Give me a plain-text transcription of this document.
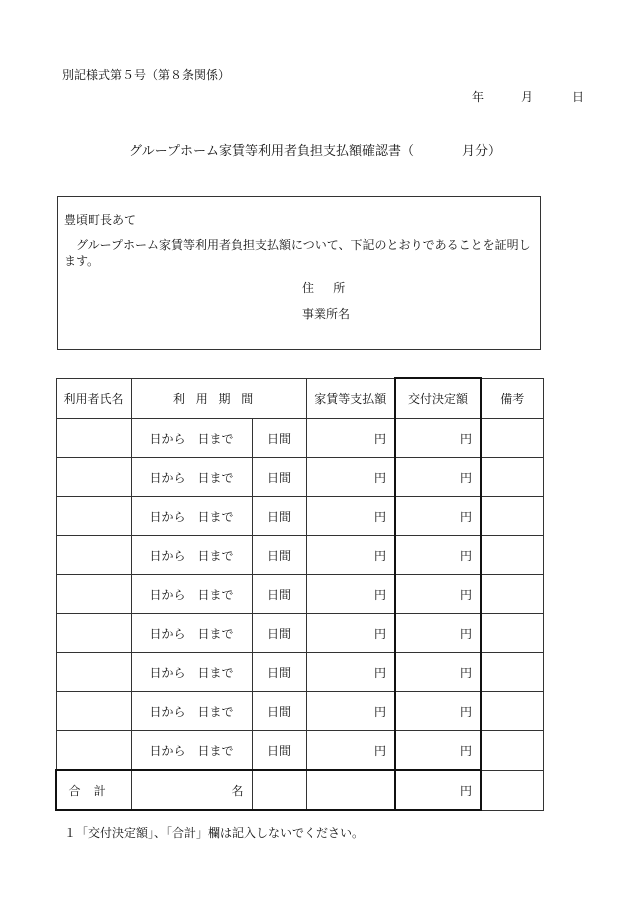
別記様式第５号（第８条関係）
年	月	日
グループホーム家賃等利用者負担支払額確認書（	月分）
豊頃町長あて
グループホーム家賃等利用者負担支払額について、下記のとおりであることを証明します。
住所
事業所名
利用者氏名	利用期間		家賃等支払額	交付決定額	備考
	日から  日まで	日間	円	円	
	日から  日まで	日間	円	円	
	日から  日まで	日間	円	円	
	日から  日まで	日間	円	円	
	日から  日まで	日間	円	円	
	日から  日まで	日間	円	円	
	日から  日まで	日間	円	円	
	日から  日まで	日間	円	円	
	日から  日まで	日間	円	円	
合計	名			円	
１「交付決定額」、「合計」欄は記入しないでください。
